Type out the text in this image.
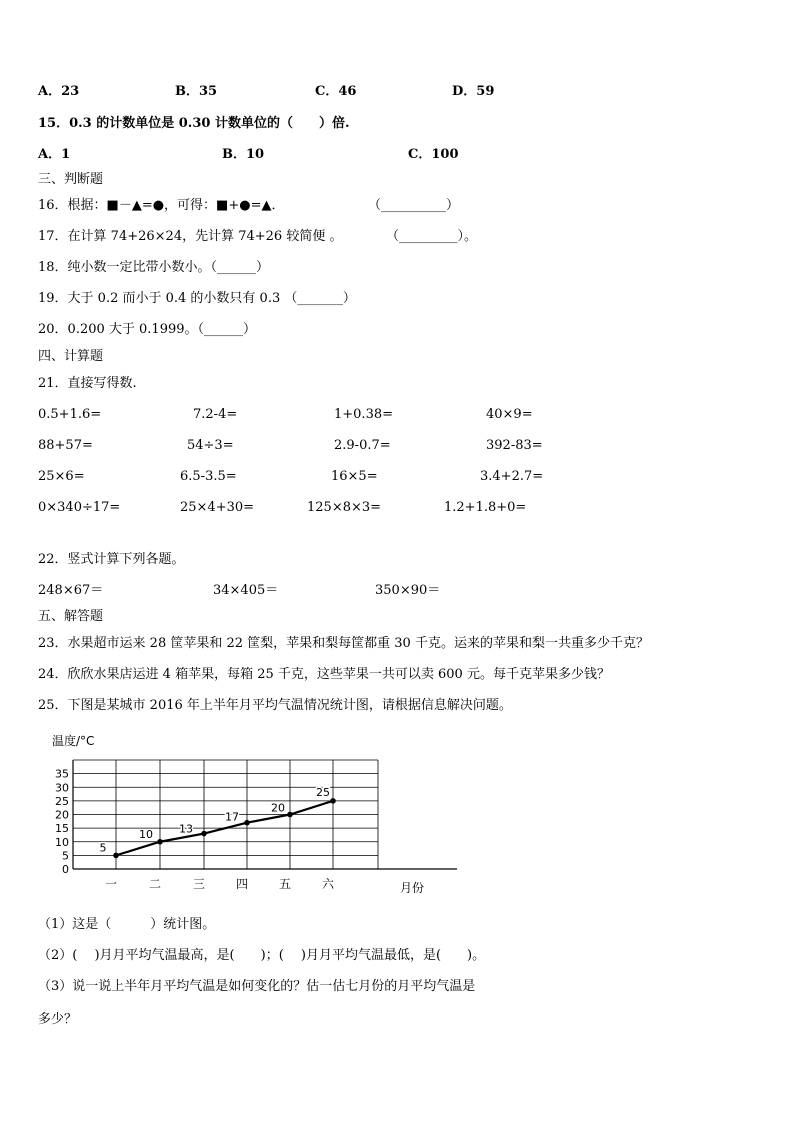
A．23	B．35	C．46	D．59
15．0.3 的计数单位是 0.30 计数单位的（　　）倍.
A．1	B．10	C．100
三、判断题
16．根据：■－▲=●，可得：■+●=▲．	（__________）
17．在计算 74+26×24，先计算 74+26 较简便 。	（_________）。
18．纯小数一定比带小数小。（______）
19．大于 0.2 而小于 0.4 的小数只有 0.3 （_______）
20．0.200 大于 0.1999。（______）
四、计算题
21．直接写得数.
0.5+1.6=	7.2-4=	1+0.38=	40×9=
88+57=	54÷3=	2.9-0.7=	392-83=
25×6=	6.5-3.5=	16×5=	3.4+2.7=
0×340÷17=	25×4+30=	125×8×3=	1.2+1.8+0=
22．竖式计算下列各题。
248×67＝	34×405＝	350×90＝
五、解答题
23．水果超市运来 28 筐苹果和 22 筐梨，苹果和梨每筐都重 30 千克。运来的苹果和梨一共重多少千克？
24．欣欣水果店运进 4 箱苹果，每箱 25 千克，这些苹果一共可以卖 600 元。每千克苹果多少钱？
25．下图是某城市 2016 年上半年月平均气温情况统计图，请根据信息解决问题。
温度/°C
月份
0
5
10
15
20
25
30
35
一	二	三	四	五	六
5
10 13
17
20
25
（1）这是（　　　）统计图。
（2）(　 )月月平均气温最高，是(　　)；(　 )月月平均气温最低，是(　　)。
（3）说一说上半年月平均气温是如何变化的？估一估七月份的月平均气温是
多少？
